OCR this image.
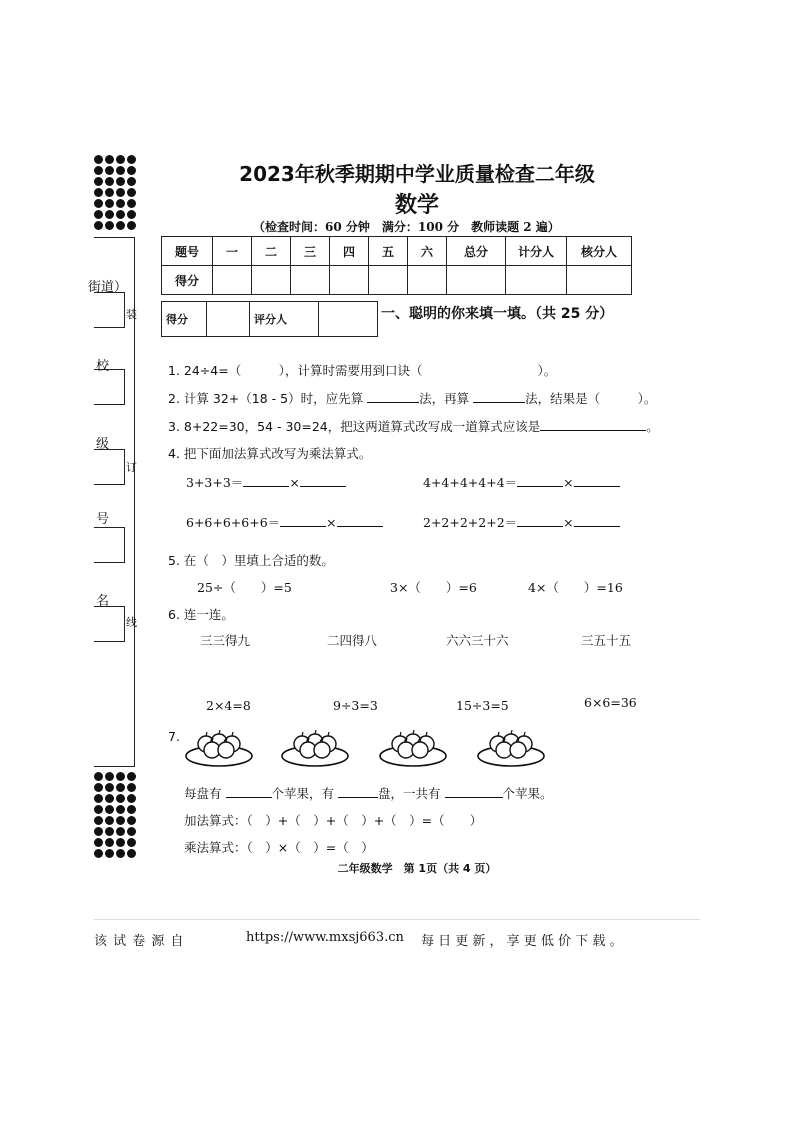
街道）
装
校
级
订
号
名
线
2023年秋季期期中学业质量检查二年级
数学
（检查时间：60 分钟　满分：100 分　教师读题 2 遍）
题号	一	二	三	四	五	六	总分	计分人	核分人
得分									
得分		评分人		一、聪明的你来填一填。（共 25 分）
1. 24÷4=（　　　），计算时需要用到口诀（	）。
2. 计算 32+（18 - 5）时，应先算	法，再算	法，结果是（　　　）。
3. 8+22=30，54 - 30=24，把这两道算式改写成一道算式应该是	。
4. 把下面加法算式改写为乘法算式。
3+3+3＝	×	4+4+4+4+4＝	×
6+6+6+6+6＝	×	2+2+2+2+2＝	×
5. 在（　）里填上合适的数。
25÷（　　）=5	3×（　　）=6	4×（　　）=16
6. 连一连。
三三得九	二四得八	六六三十六	三五十五
2×4=8	9÷3=3	15÷3=5	6×6=36
7.
每盘有	个苹果，有	盘，一共有	个苹果。
加法算式：（　）+（　）+（　）+（　）=（　　）
乘法算式：（　）×（　）=（　）
二年级数学　第 1页（共 4 页）
该 试 卷 源 自	https://www.mxsj663.cn 每 日 更 新 ， 享 更 低 价 下 载 。
